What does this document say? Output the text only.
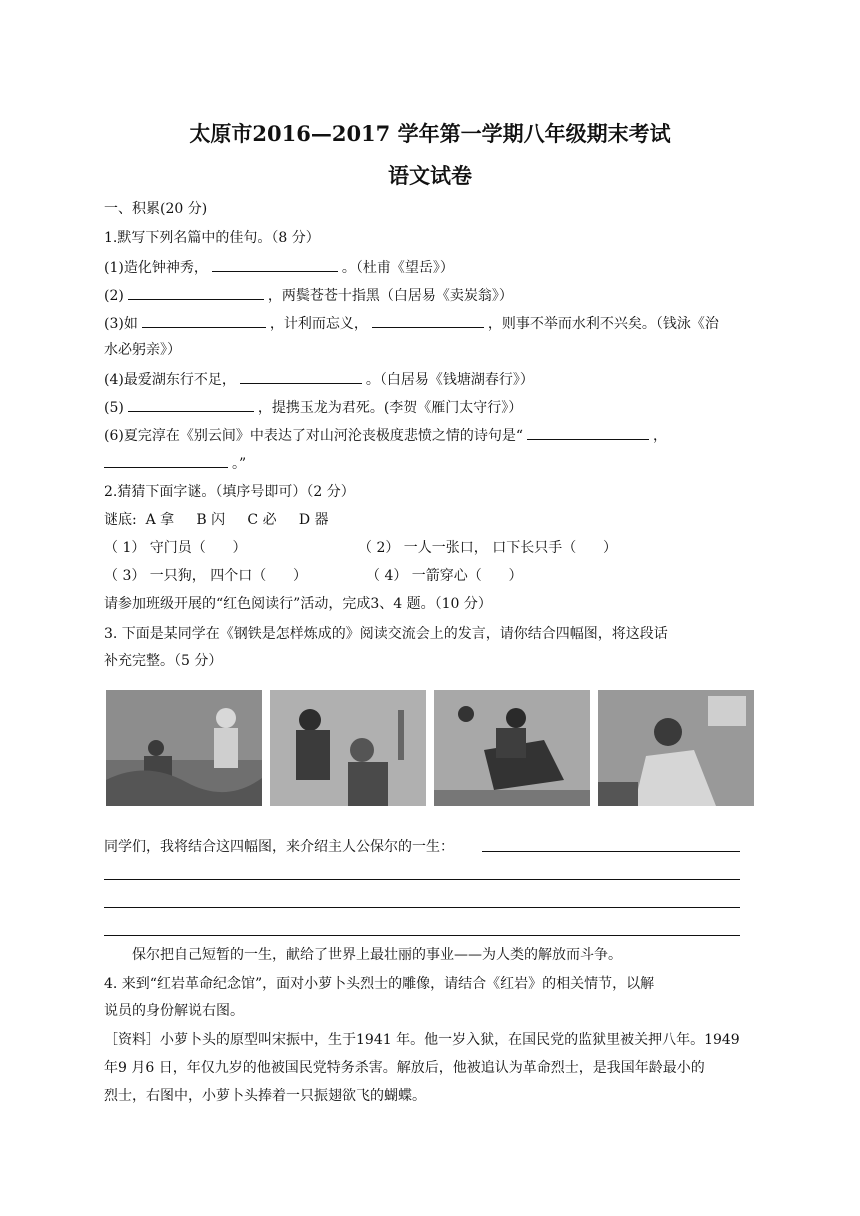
太原市2016—2017 学年第一学期八年级期末考试
语文试卷
一、积累(20 分)
1.默写下列名篇中的佳句。（8 分）
(1)造化钟神秀，	。（杜甫《望岳》）
(2)	，两鬓苍苍十指黑（白居易《卖炭翁》）
(3)如	，计利而忘义，	，则事不举而水利不兴矣。（钱泳《治
水必躬亲》）
(4)最爱湖东行不足，	。（白居易《钱塘湖春行》）
(5)	，提携玉龙为君死。(李贺《雁门太守行》）
(6)夏完淳在《别云间》中表达了对山河沦丧极度悲愤之情的诗句是“	，
。”
2.猜猜下面字谜。（填序号即可）（2 分）
谜底:  A 拿     B 闪     C 必     D 器
（ 1） 守门员（      ）	（ 2） 一人一张口， 口下长只手（      ）
（ 3） 一只狗， 四个口（      ）	（ 4） 一箭穿心（      ）
请参加班级开展的“红色阅读行”活动，完成3、4 题。（10 分）
3. 下面是某同学在《钢铁是怎样炼成的》阅读交流会上的发言，请你结合四幅图，将这段话
补充完整。（5 分）
同学们，我将结合这四幅图，来介绍主人公保尔的一生：
保尔把自己短暂的一生，献给了世界上最壮丽的事业——为人类的解放而斗争。
4. 来到“红岩革命纪念馆”，面对小萝卜头烈士的雕像，请结合《红岩》的相关情节，以解
说员的身份解说右图。
［资料］小萝卜头的原型叫宋振中，生于1941 年。他一岁入狱，在国民党的监狱里被关押八年。1949
年9 月6 日，年仅九岁的他被国民党特务杀害。解放后，他被追认为革命烈士，是我国年龄最小的
烈士，右图中，小萝卜头捧着一只振翅欲飞的蝴蝶。
